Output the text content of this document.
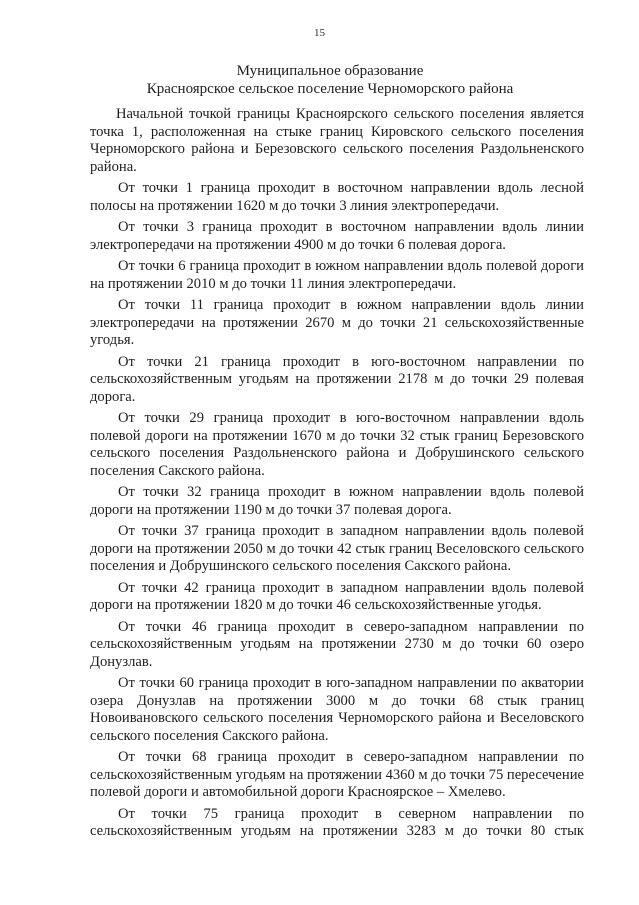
15
Муниципальное образование
Красноярское сельское поселение Черноморского района

Начальной точкой границы Красноярского сельского поселения является точка 1, расположенная на стыке границ Кировского сельского поселения Черноморского района и Березовского сельского поселения Раздольненского района.

От точки 1 граница проходит в восточном направлении вдоль лесной полосы на протяжении 1620 м до точки 3 линия электропередачи.

От точки 3 граница проходит в восточном направлении вдоль линии электропередачи на протяжении 4900 м до точки 6 полевая дорога.

От точки 6 граница проходит в южном направлении вдоль полевой дороги на протяжении 2010 м до точки 11 линия электропередачи.

От точки 11 граница проходит в южном направлении вдоль линии электропередачи на протяжении 2670 м до точки 21 сельскохозяйственные угодья.

От точки 21 граница проходит в юго-восточном направлении по сельскохозяйственным угодьям на протяжении 2178 м до точки 29 полевая дорога.

От точки 29 граница проходит в юго-восточном направлении вдоль полевой дороги на протяжении 1670 м до точки 32 стык границ Березовского сельского поселения Раздольненского района и Добрушинского сельского поселения Сакского района.

От точки 32 граница проходит в южном направлении вдоль полевой дороги на протяжении 1190 м до точки 37 полевая дорога.

От точки 37 граница проходит в западном направлении вдоль полевой дороги на протяжении 2050 м до точки 42 стык границ Веселовского сельского поселения и Добрушинского сельского поселения Сакского района.

От точки 42 граница проходит в западном направлении вдоль полевой дороги на протяжении 1820 м до точки 46 сельскохозяйственные угодья.

От точки 46 граница проходит в северо-западном направлении по сельскохозяйственным угодьям на протяжении 2730 м до точки 60 озеро Донузлав.

От точки 60 граница проходит в юго-западном направлении по акватории озера Донузлав на протяжении 3000 м до точки 68 стык границ Новоивановского сельского поселения Черноморского района и Веселовского сельского поселения Сакского района.

От точки 68 граница проходит в северо-западном направлении по сельскохозяйственным угодьям на протяжении 4360 м до точки 75 пересечение полевой дороги и автомобильной дороги Красноярское – Хмелево.

От точки 75 граница проходит в северном направлении по сельскохозяйственным угодьям на протяжении 3283 м до точки 80 стык
